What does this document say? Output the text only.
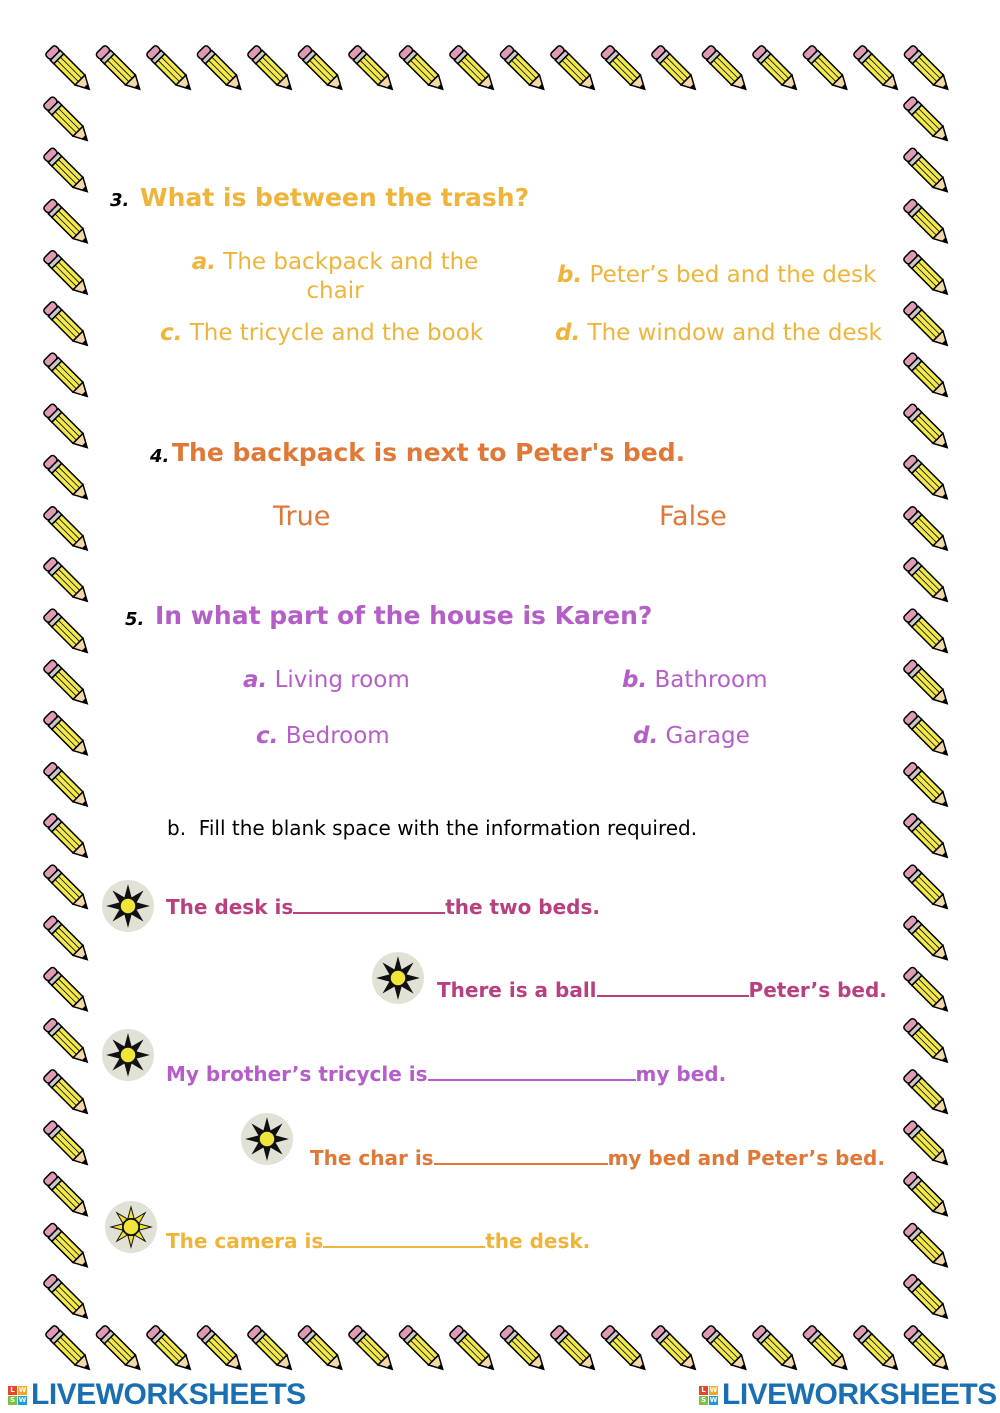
3. What is between the trash?
a. The backpack and the
chair
b. Peter’s bed and the desk
c. The tricycle and the book	d. The window and the desk
4. The backpack is next to Peter's bed.
True	False
5. In what part of the house is Karen?
a. Living room	b. Bathroom
c. Bedroom	d. Garage
b. Fill the blank space with the information required.
The desk is	the two beds.
There is a ball	Peter’s bed.
My brother’s tricycle is	my bed.
The char is	my bed and Peter’s bed.
The camera is	the desk.
L W
S W LIVEWORKSHEETS	L W
S W LIVEWORKSHEETS
